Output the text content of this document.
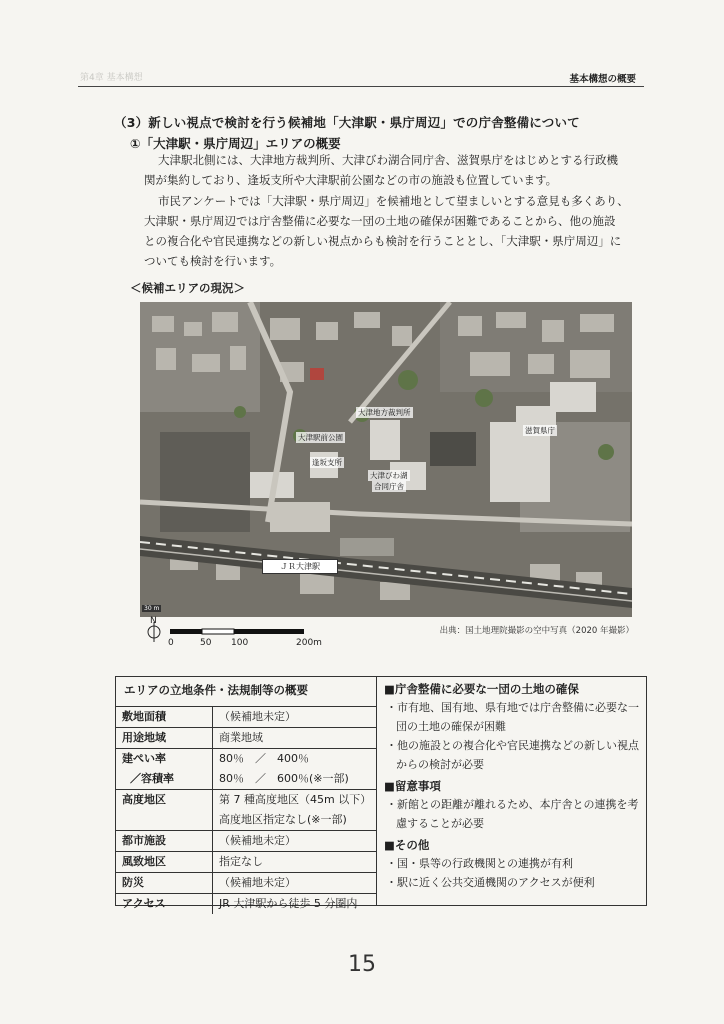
第4章 基本構想	基本構想の概要
（3）新しい視点で検討を行う候補地「大津駅・県庁周辺」での庁舎整備について
①「大津駅・県庁周辺」エリアの概要
大津駅北側には、大津地方裁判所、大津びわ湖合同庁舎、滋賀県庁をはじめとする行政機
関が集約しており、逢坂支所や大津駅前公園などの市の施設も位置しています。
市民アンケートでは「大津駅・県庁周辺」を候補地として望ましいとする意見も多くあり、
大津駅・県庁周辺では庁舎整備に必要な一団の土地の確保が困難であることから、他の施設
との複合化や官民連携などの新しい視点からも検討を行うこととし、「大津駅・県庁周辺」に
ついても検討を行います。
＜候補エリアの現況＞
大津地方裁判所
滋賀県庁
大津駅前公園
逢坂支所
大津びわ湖
合同庁舎
ＪＲ大津駅
30 m
N
0	50 100	200m
出典：国土地理院撮影の空中写真（2020 年撮影）
エリアの立地条件・法規制等の概要
敷地面積	（候補地未定）
用途地域	商業地域
建ぺい率	80％　／　400％
／容積率	80％　／　600％(※一部)
高度地区	第 7 種高度地区（45m 以下）
	高度地区指定なし(※一部)
都市施設	（候補地未定）
風致地区	指定なし
防災	（候補地未定）
アクセス	JR 大津駅から徒歩 5 分圏内
■庁舎整備に必要な一団の土地の確保
・市有地、国有地、県有地では庁舎整備に必要な一団の土地の確保が困難
・他の施設との複合化や官民連携などの新しい視点からの検討が必要
■留意事項
・新館との距離が離れるため、本庁舎との連携を考慮することが必要
■その他
・国・県等の行政機関との連携が有利
・駅に近く公共交通機関のアクセスが便利
15
